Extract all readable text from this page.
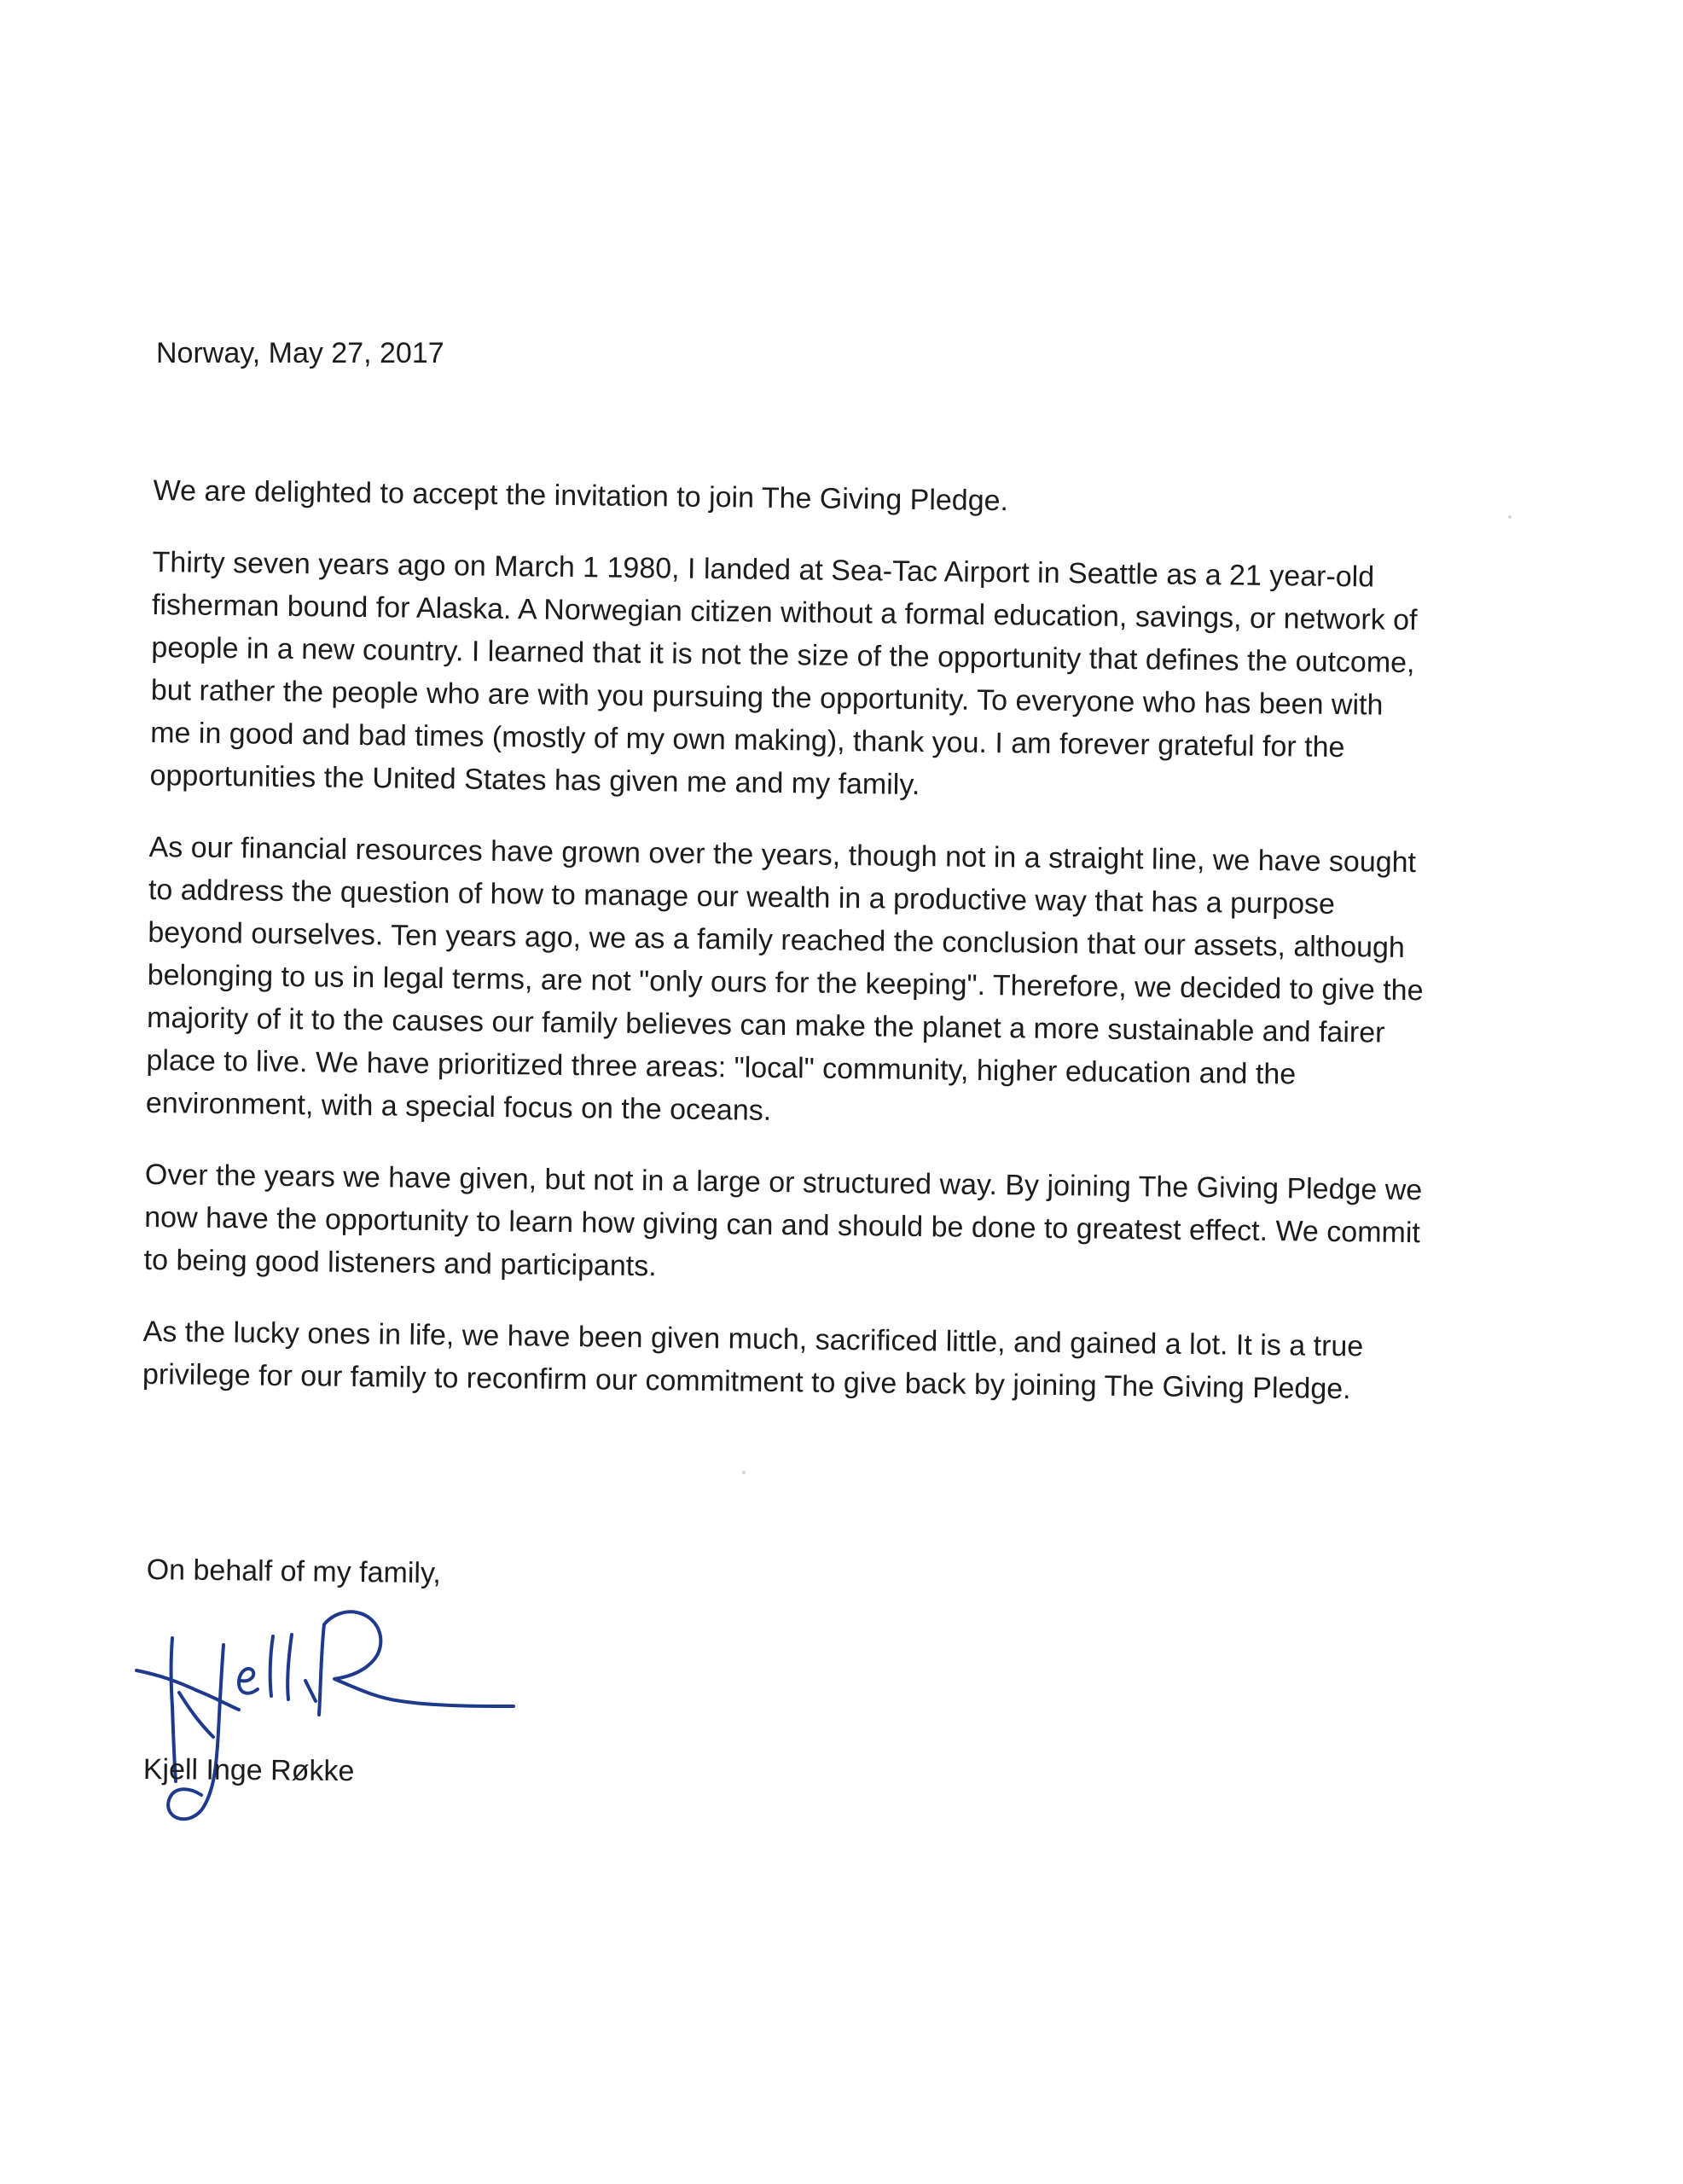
Norway, May 27, 2017

We are delighted to accept the invitation to join The Giving Pledge.

Thirty seven years ago on March 1 1980, I landed at Sea-Tac Airport in Seattle as a 21 year-old
fisherman bound for Alaska. A Norwegian citizen without a formal education, savings, or network of
people in a new country. I learned that it is not the size of the opportunity that defines the outcome,
but rather the people who are with you pursuing the opportunity. To everyone who has been with
me in good and bad times (mostly of my own making), thank you. I am forever grateful for the
opportunities the United States has given me and my family.

As our financial resources have grown over the years, though not in a straight line, we have sought
to address the question of how to manage our wealth in a productive way that has a purpose
beyond ourselves. Ten years ago, we as a family reached the conclusion that our assets, although
belonging to us in legal terms, are not "only ours for the keeping". Therefore, we decided to give the
majority of it to the causes our family believes can make the planet a more sustainable and fairer
place to live. We have prioritized three areas: "local" community, higher education and the
environment, with a special focus on the oceans.

Over the years we have given, but not in a large or structured way. By joining The Giving Pledge we
now have the opportunity to learn how giving can and should be done to greatest effect. We commit
to being good listeners and participants.

As the lucky ones in life, we have been given much, sacrificed little, and gained a lot. It is a true
privilege for our family to reconfirm our commitment to give back by joining The Giving Pledge.

On behalf of my family,
Kjell Inge Røkke
